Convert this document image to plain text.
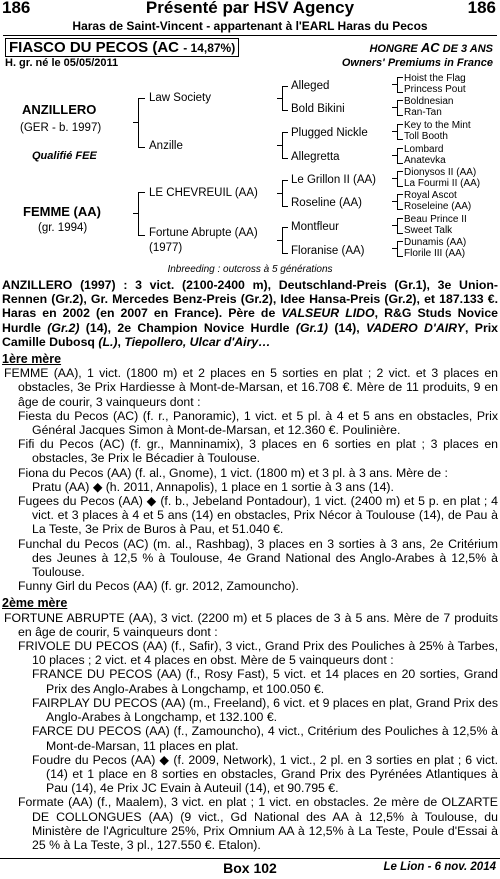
Présenté par HSV Agency
186	186
Haras de Saint-Vincent - appartenant à l'EARL Haras du Pecos
FIASCO DU PECOS (AC - 14,87%)	HONGRE AC DE 3 ANS
H. gr. né le 05/05/2011	Owners' Premiums in France
ANZILLERO
(GER - b. 1997)
Qualifié FEE
FEMME (AA)
(gr. 1994)
Law Society
Anzille
LE CHEVREUIL (AA)
Fortune Abrupte (AA)
(1977)
Alleged
Bold Bikini
Plugged Nickle
Allegretta
Le Grillon II (AA)
Roseline (AA)
Montfleur
Floranise (AA)
Hoist the Flag
Princess Pout
Boldnesian
Ran-Tan
Key to the Mint
Toll Booth
Lombard
Anatevka
Dionysos II (AA)
La Fourmi II (AA)
Royal Ascot
Roseleine (AA)
Beau Prince II
Sweet Talk
Dunamis (AA)
Florile III (AA)
Inbreeding : outcross à 5 générations

ANZILLERO (1997) : 3 vict. (2100-2400 m), Deutschland-Preis (Gr.1), 3e Union-Rennen (Gr.2), Gr. Mercedes Benz-Preis (Gr.2), Idee Hansa-Preis (Gr.2), et 187.133 €. Haras en 2002 (en 2007 en France). Père de VALSEUR LIDO, R&G Studs Novice Hurdle (Gr.2) (14), 2e Champion Novice Hurdle (Gr.1) (14), VADERO D'AIRY, Prix Camille Dubosq (L.), Tiepollero, Ulcar d'Airy…

1ère mère

FEMME (AA), 1 vict. (1800 m) et 2 places en 5 sorties en plat ; 2 vict. et 3 places en obstacles, 3e Prix Hardiesse à Mont-de-Marsan, et 16.708 €. Mère de 11 produits, 9 en âge de courir, 3 vainqueurs dont :

Fiesta du Pecos (AC) (f. r., Panoramic), 1 vict. et 5 pl. à 4 et 5 ans en obstacles, Prix Général Jacques Simon à Mont-de-Marsan, et 12.360 €. Poulinière.

Fifi du Pecos (AC) (f. gr., Manninamix), 3 places en 6 sorties en plat ; 3 places en obstacles, 3e Prix le Bécadier à Toulouse.

Fiona du Pecos (AA) (f. al., Gnome), 1 vict. (1800 m) et 3 pl. à 3 ans. Mère de :

Pratu (AA) ◆ (h. 2011, Annapolis), 1 place en 1 sortie à 3 ans (14).

Fugees du Pecos (AA) ◆ (f. b., Jebeland Pontadour), 1 vict. (2400 m) et 5 p. en plat ; 4 vict. et 3 places à 4 et 5 ans (14) en obstacles, Prix Nécor à Toulouse (14), de Pau à La Teste, 3e Prix de Buros à Pau, et 51.040 €.

Funchal du Pecos (AC) (m. al., Rashbag), 3 places en 3 sorties à 3 ans, 2e Critérium des Jeunes à 12,5 % à Toulouse, 4e Grand National des Anglo-Arabes à 12,5% à Toulouse.

Funny Girl du Pecos (AA) (f. gr. 2012, Zamouncho).

2ème mère

FORTUNE ABRUPTE (AA), 3 vict. (2200 m) et 5 places de 3 à 5 ans. Mère de 7 produits en âge de courir, 5 vainqueurs dont :

FRIVOLE DU PECOS (AA) (f., Safir), 3 vict., Grand Prix des Pouliches à 25% à Tarbes, 10 places ; 2 vict. et 4 places en obst. Mère de 5 vainqueurs dont :

FRANCE DU PECOS (AA) (f., Rosy Fast), 5 vict. et 14 places en 20 sorties, Grand Prix des Anglo-Arabes à Longchamp, et 100.050 €.

FAIRPLAY DU PECOS (AA) (m., Freeland), 6 vict. et 9 places en plat, Grand Prix des Anglo-Arabes à Longchamp, et 132.100 €.

FARCE DU PECOS (AA) (f., Zamouncho), 4 vict., Critérium des Pouliches à 12,5% à Mont-de-Marsan, 11 places en plat.

Foudre du Pecos (AA) ◆ (f. 2009, Network), 1 vict., 2 pl. en 3 sorties en plat ; 6 vict. (14) et 1 place en 8 sorties en obstacles, Grand Prix des Pyrénées Atlantiques à Pau (14), 4e Prix JC Evain à Auteuil (14), et 90.795 €.

Formate (AA) (f., Maalem), 3 vict. en plat ; 1 vict. en obstacles. 2e mère de OLZARTE DE COLLONGUES (AA) (9 vict., Gd National des AA à 12,5% à Toulouse, du Ministère de l'Agriculture 25%, Prix Omnium AA à 12,5% à La Teste, Poule d'Essai à 25 % à La Teste, 3 pl., 127.550 €. Etalon).

Box 102	Le Lion - 6 nov. 2014
